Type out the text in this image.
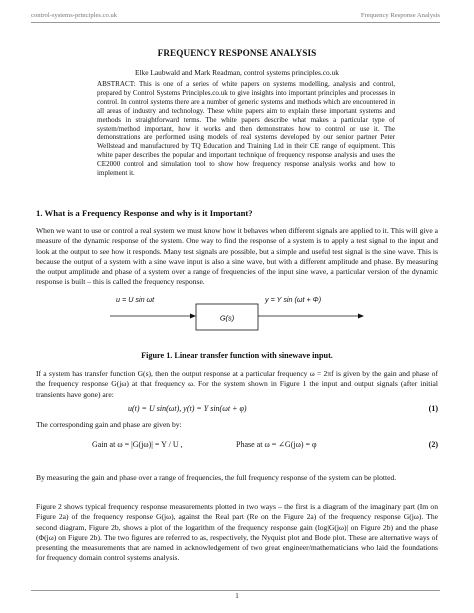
control-systems-principles.co.uk	Frequency Response Analysis
FREQUENCY RESPONSE ANALYSIS
Elke Laubwald and Mark Readman, control systems principles.co.uk
ABSTRACT: This is one of a series of white papers on systems modelling, analysis and control, prepared by Control Systems Principles.co.uk to give insights into important principles and processes in control. In control systems there are a number of generic systems and methods which are encountered in all areas of industry and technology. These white papers aim to explain these important systems and methods in straightforward terms. The white papers describe what makes a particular type of system/method important, how it works and then demonstrates how to control or use it. The demonstrations are performed using models of real systems developed by our senior partner Peter Wellstead and manufactured by TQ Education and Training Ltd in their CE range of equipment. This white paper describes the popular and important technique of frequency response analysis and uses the CE2000 control and simulation tool to show how frequency response analysis works and how to implement it.
1. What is a Frequency Response and why is it Important?
When we want to use or control a real system we must know how it behaves when different signals are applied to it. This will give a measure of the dynamic response of the system. One way to find the response of a system is to apply a test signal to the input and look at the output to see how it responds. Many test signals are possible, but a simple and useful test signal is the sine wave. This is because the output of a system with a sine wave input is also a sine wave, but with a different amplitude and phase. By measuring the output amplitude and phase of a system over a range of frequencies of the input sine wave, a particular version of the dynamic response is built – this is called the frequency response.
u = U sin ωt
G(s)
y = Y sin (ωt + Φ)
Figure 1. Linear transfer function with sinewave input.
If a system has transfer function G(s), then the output response at a particular frequency ω = 2πf is given by the gain and phase of the frequency response G(jω) at that frequency ω. For the system shown in Figure 1 the input and output signals (after initial transients have gone) are:
u(t) = U sin(ωt), y(t) = Y sin(ωt + φ)	(1)
The corresponding gain and phase are given by:
Gain at ω = |G(jω)| = Y / U ,	Phase at ω = ∠G(jω) = φ	(2)
By measuring the gain and phase over a range of frequencies, the full frequency response of the system can be plotted.
Figure 2 shows typical frequency response measurements plotted in two ways – the first is a diagram of the imaginary part (Im on Figure 2a) of the frequency response G(jω), against the Real part (Re on the Figure 2a) of the frequency response G(jω). The second diagram, Figure 2b, shows a plot of the logarithm of the frequency response gain (log|G(jω)| on Figure 2b) and the phase (Φ(jω) on Figure 2b). The two figures are referred to as, respectively, the Nyquist plot and Bode plot. These are alternative ways of presenting the measurements that are named in acknowledgement of two great engineer/mathematicians who laid the foundations for frequency domain control systems analysis.
1
